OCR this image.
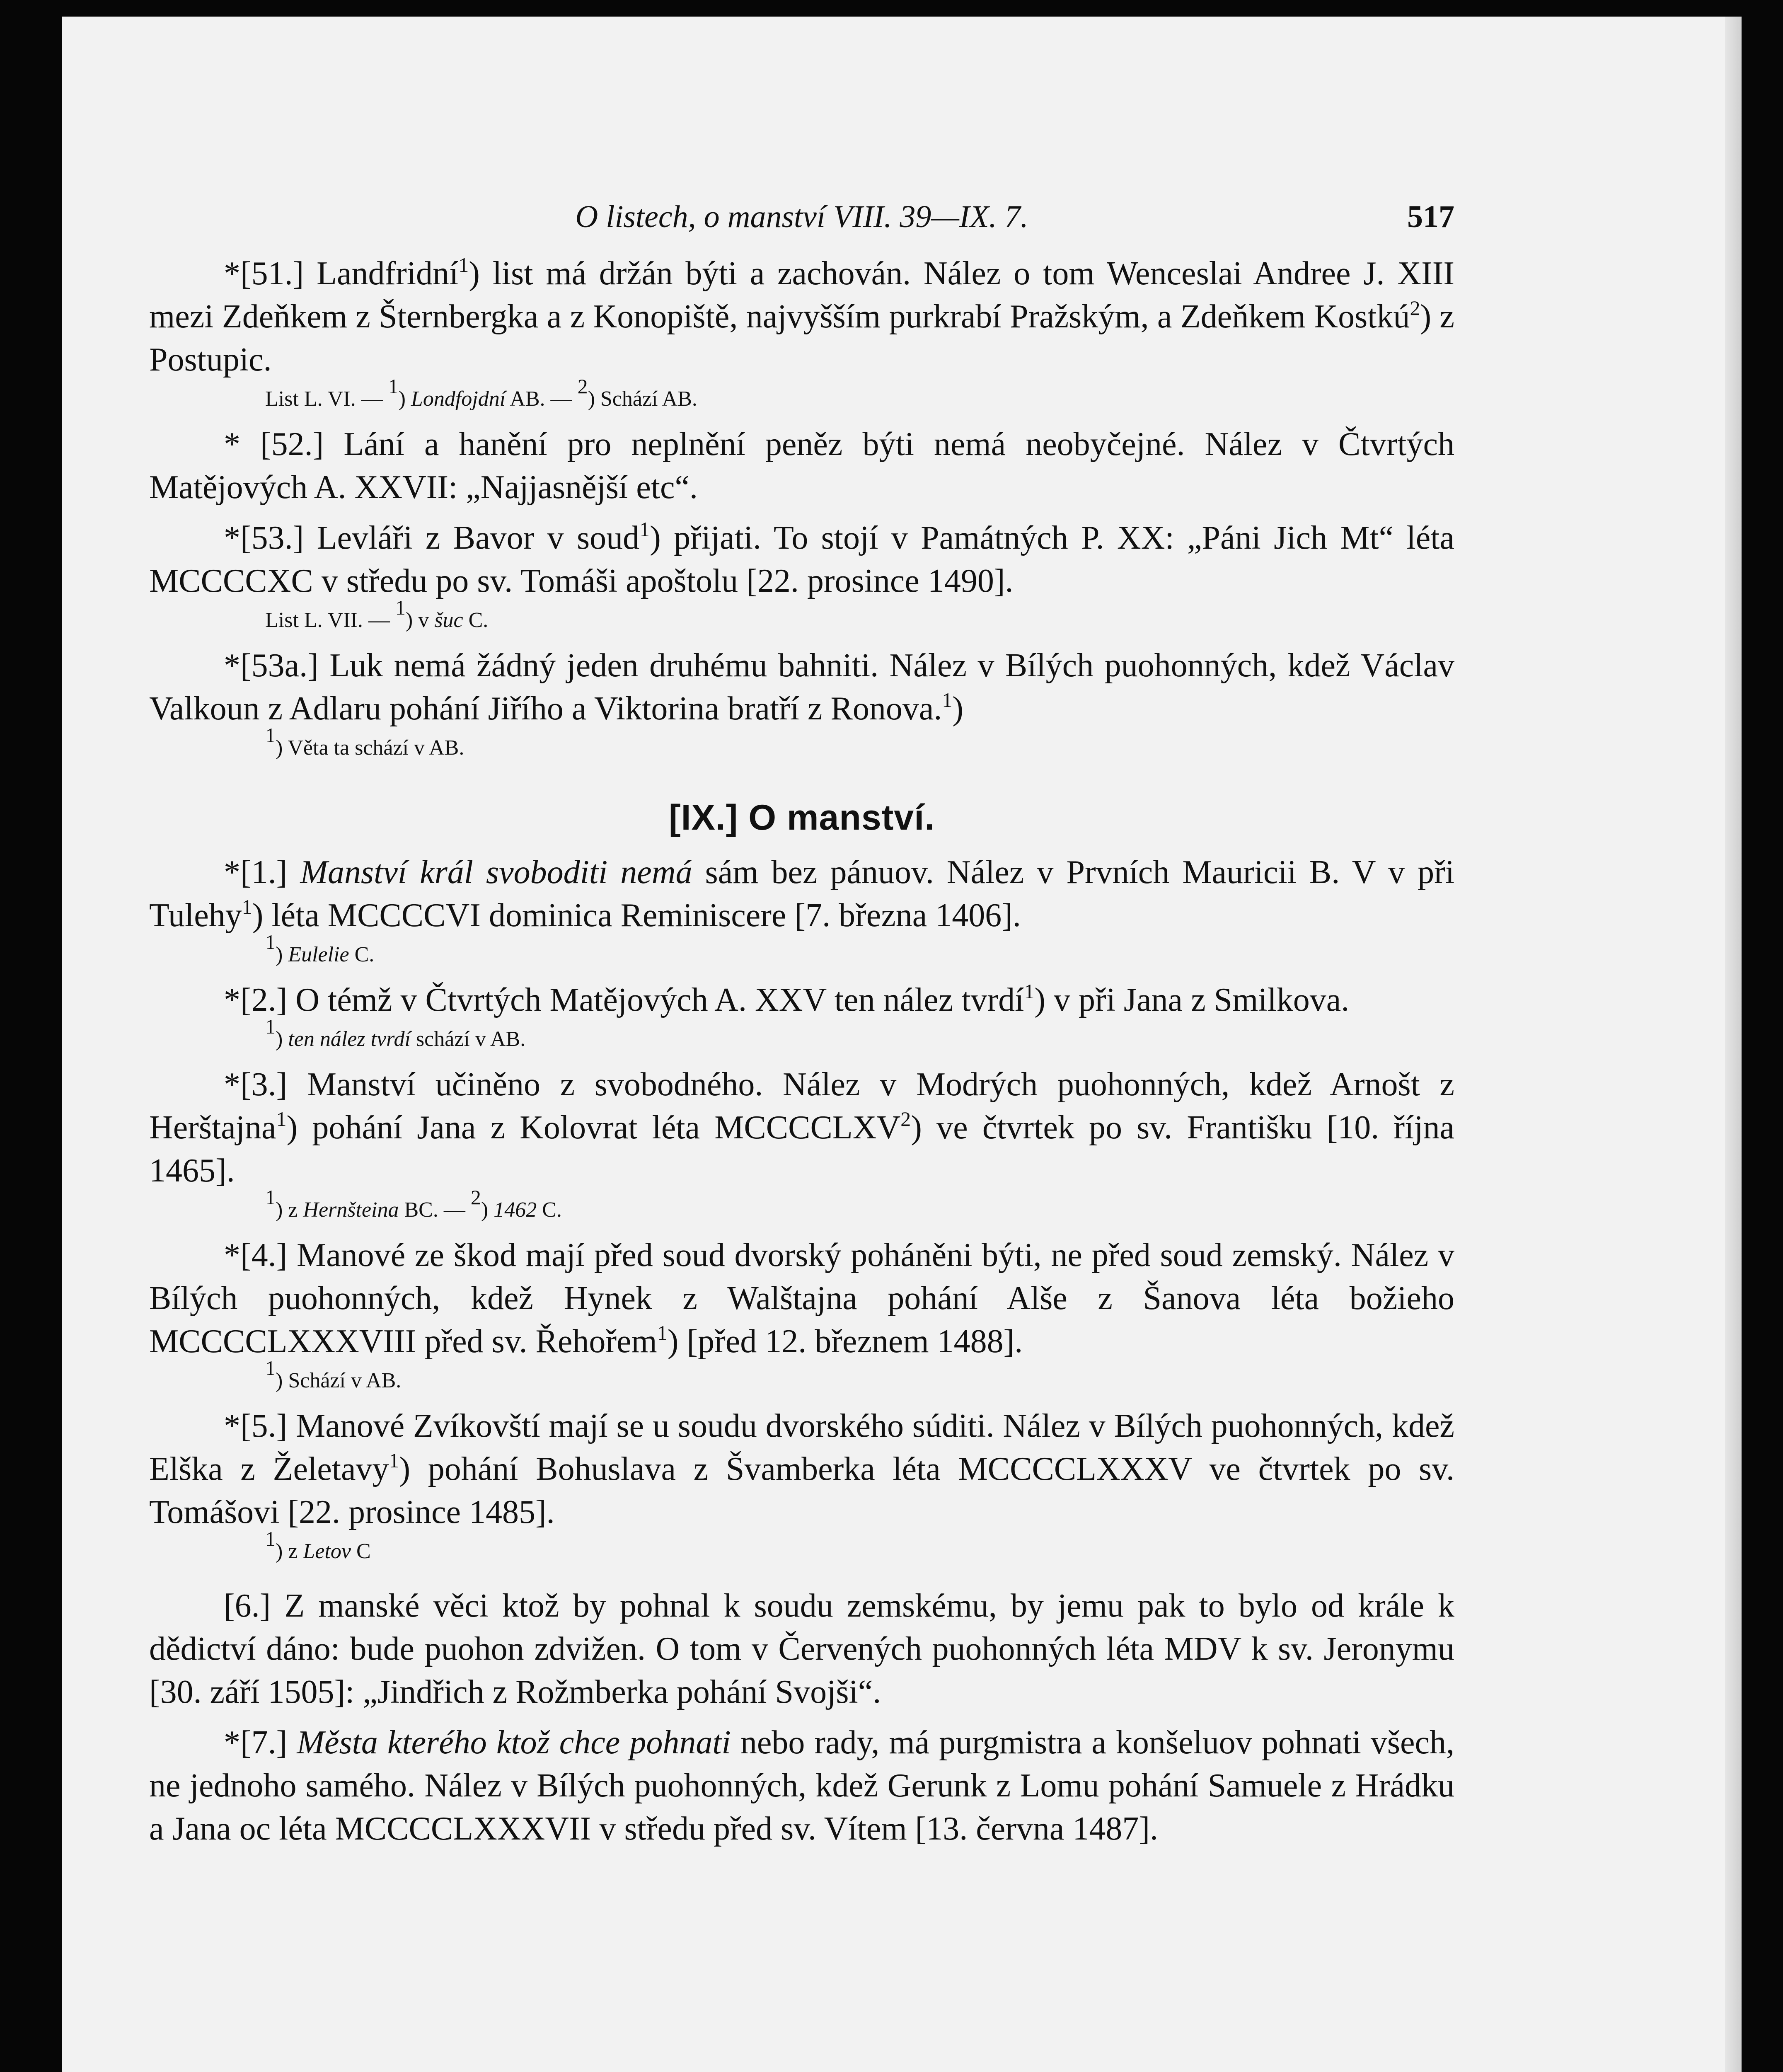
O listech, o manství VIII. 39—IX. 7.	517

*[51.] Landfridní$^1$) list má držán býti a zachován. Nález o tom Wenceslai Andree J. XIII mezi Zdeňkem z Šternbergka a z Konopiště, najvyšším purkrabí Pražským, a Zdeňkem Kostkú$^2$) z Postupic.

List L. VI. — $^1$) Londfojdní AB. — $^2$) Schází AB.

* [52.] Lání a hanění pro neplnění peněz býti nemá neobyčejné. Nález v Čtvrtých Matějových A. XXVII: „Najjasnější etc“.

*[53.] Levláři z Bavor v soud$^1$) přijati. To stojí v Památných P. XX: „Páni Jich Mt“ léta MCCCCXC v středu po sv. Tomáši apoštolu [22. prosince 1490].

List L. VII. — $^1$) v šuc C.

*[53a.] Luk nemá žádný jeden druhému bahniti. Nález v Bílých puohonných, kdež Václav Valkoun z Adlaru pohání Jiřího a Viktorina bratří z Ronova.$^1$)

$^1$) Věta ta schází v AB.
[IX.] O manství.

*[1.] Manství král svoboditi nemá sám bez pánuov. Nález v Prvních Mauricii B. V v při Tulehy$^1$) léta MCCCCVI dominica Reminiscere [7. března 1406].

$^1$) Eulelie C.

*[2.] O témž v Čtvrtých Matějových A. XXV ten nález tvrdí$^1$) v při Jana z Smilkova.

$^1$) ten nález tvrdí schází v AB.

*[3.] Manství učiněno z svobodného. Nález v Modrých puohonných, kdež Arnošt z Herštajna$^1$) pohání Jana z Kolovrat léta MCCCCLXV$^2$) ve čtvrtek po sv. Františku [10. října 1465].

$^1$) z Hernšteina BC. — $^2$) 1462 C.

*[4.] Manové ze škod mají před soud dvorský poháněni býti, ne před soud zemský. Nález v Bílých puohonných, kdež Hynek z Walštajna pohání Alše z Šanova léta božieho MCCCCLXXXVIII před sv. Řehořem$^1$) [před 12. březnem 1488].

$^1$) Schází v AB.

*[5.] Manové Zvíkovští mají se u soudu dvorského súditi. Nález v Bílých puohonných, kdež Elška z Želetavy$^1$) pohání Bohuslava z Švamberka léta MCCCCLXXXV ve čtvrtek po sv. Tomášovi [22. prosince 1485].

$^1$) z Letov C

[6.] Z manské věci ktož by pohnal k soudu zemskému, by jemu pak to bylo od krále k dědictví dáno: bude puohon zdvižen. O tom v Červených puohonných léta MDV k sv. Jeronymu [30. září 1505]: „Jindřich z Rožmberka pohání Svojši“.

*[7.] Města kterého ktož chce pohnati nebo rady, má purgmistra a konšeluov pohnati všech, ne jednoho samého. Nález v Bílých puohonných, kdež Gerunk z Lomu pohání Samuele z Hrádku a Jana oc léta MCCCCLXXXVII v středu před sv. Vítem [13. června 1487].
